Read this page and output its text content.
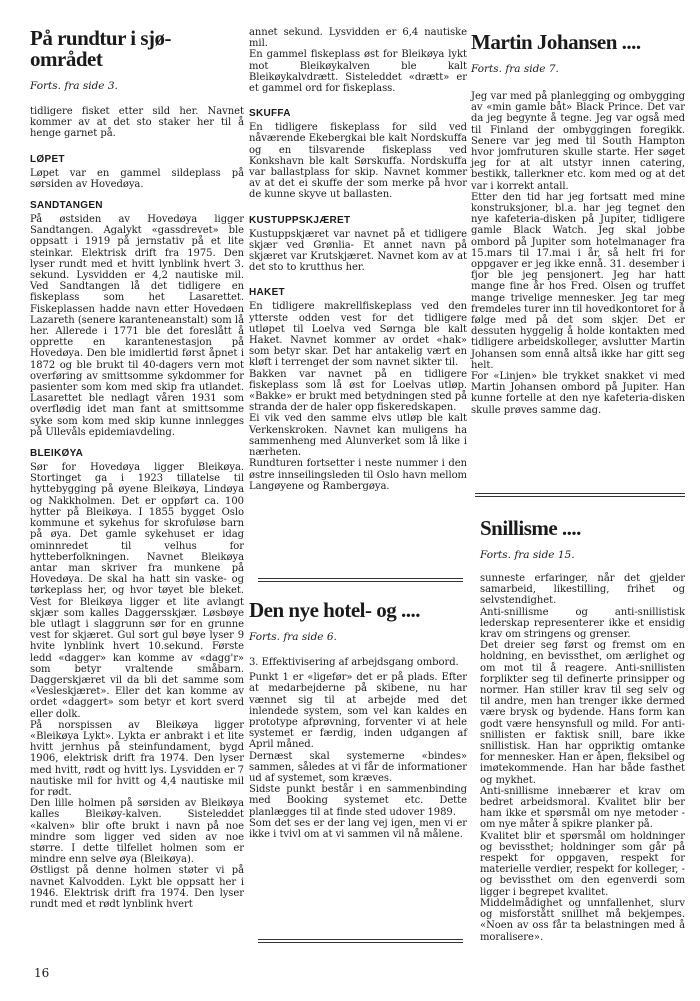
På rundtur i sjø-området
Forts. fra side 3.

tidligere fisket etter sild her. Navnet kommer av at det sto staker her til å henge garnet på.

LØPET

Løpet var en gammel sildeplass på sørsiden av Hovedøya.

SANDTANGEN

På østsiden av Hovedøya ligger Sandtangen. Agalykt «gassdrevet» ble oppsatt i 1919 på jernstativ på et lite steinkar. Elektrisk drift fra 1975. Den lyser rundt med et hvitt lynblink hvert 3. sekund. Lysvidden er 4,2 nautiske mil. Ved Sandtangen lå det tidligere en fiskeplass som het Lasarettet. Fiskeplassen hadde navn etter Hovedøen Lazareth (senere karanteneanstalt) som lå her. Allerede i 1771 ble det foreslått å opprette en karantenestasjon på Hovedøya. Den ble imidlertid først åpnet i 1872 og ble brukt til 40-dagers vern mot overføring av smittsomme sykdommer for pasienter som kom med skip fra utlandet. Lasarettet ble nedlagt våren 1931 som overflødig idet man fant at smittsomme syke som kom med skip kunne innlegges på Ullevåls epidemiavdeling.

BLEIKØYA

Sør for Hovedøya ligger Bleikøya. Stortinget ga i 1923 tillatelse til hyttebygging på øyene Bleikøya, Lindøya og Nakkholmen. Det er oppført ca. 100 hytter på Bleikøya. I 1855 bygget Oslo kommune et sykehus for skrofuløse barn på øya. Det gamle sykehuset er idag ominnredet til velhus for hytteberfolkningen. Navnet Bleikøya antar man skriver fra munkene på Hovedøya. De skal ha hatt sin vaske- og tørkeplass her, og hvor tøyet ble bleket. Vest for Bleikøya ligger et lite avlangt skjær som kalles Daggersskjær. Løsbøye ble utlagt i slaggrunn sør for en grunne vest for skjæret. Gul sort gul bøye lyser 9 hvite lynblink hvert 10.sekund. Første ledd «dagger» kan komme av «dagg'r» som betyr vraltende småbarn. Daggerskjæret vil da bli det samme som «Vesleskjæret». Eller det kan komme av ordet «daggert» som betyr et kort sverd eller dolk.

På norspissen av Bleikøya ligger «Bleikøya Lykt». Lykta er anbrakt i et lite hvitt jernhus på steinfundament, bygd 1906, elektrisk drift fra 1974. Den lyser med hvitt, rødt og hvitt lys. Lysvidden er 7 nautiske mil for hvitt og 4,4 nautiske mil for rødt.

Den lille holmen på sørsiden av Bleikøya kalles Bleikøy-kalven. Sisteleddet «kalven» blir ofte brukt i navn på noe mindre som ligger ved siden av noe større. I dette tilfellet holmen som er mindre enn selve øya (Bleikøya).

Østligst på denne holmen støter vi på navnet Kalvodden. Lykt ble oppsatt her i 1946. Elektrisk drift fra 1974. Den lyser rundt med et rødt lynblink hvert

annet sekund. Lysvidden er 6,4 nautiske mil.
En gammel fiskeplass øst for Bleikøya lykt mot Bleikøykalven ble kalt Bleikøykalvdrætt. Sisteleddet «drætt» er et gammel ord for fiskeplass.

SKUFFA

En tidligere fiskeplass for sild ved nåværende Ekebergkai ble kalt Nordskuffa og en tilsvarende fiskeplass ved Konkshavn ble kalt Sørskuffa. Nordskuffa var ballastplass for skip. Navnet kommer av at det ei skuffe der som merke på hvor de kunne skyve ut ballasten.

KUSTUPPSKJÆRET

Kustuppskjæret var navnet på et tidligere skjær ved Grønlia- Et annet navn på skjæret var Krutskjæret. Navnet kom av at det sto to krutthus her.

HAKET

En tidligere makrellfiskeplass ved den ytterste odden vest for det tidligere utløpet til Loelva ved Sørnga ble kalt Haket. Navnet kommer av ordet «hak» som betyr skar. Det har antakelig vært en kløft i terrenget der som navnet sikter til.

Bakken var navnet på en tidligere fiskeplass som lå øst for Loelvas utløp. «Bakke» er brukt med betydningen sted på stranda der de haler opp fiskeredskapen.

Ei vik ved den samme elvs utløp ble kalt Verkenskroken. Navnet kan muligens ha sammenheng med Alunverket som lå like i nærheten.

Rundturen fortsetter i neste nummer i den østre innseilingsleden til Oslo havn mellom Langøyene og Rambergøya.

Den nye hotel- og ....
Forts. fra side 6.

3. Effektivisering af arbejdsgang ombord.

Punkt 1 er «ligefør» det er på plads. Efter at medarbejderne på skibene, nu har vænnet sig til at arbejde med det inlendede system, som vel kan kaldes en prototype afprøvning, forventer vi at hele systemet er færdig, inden udgangen af April måned.

Dernæst skal systemerne «bindes» sammen, således at vi får de informationer ud af systemet, som kræves.

Sidste punkt består i en sammenbinding med Booking systemet etc. Dette planlægges til at finde sted udover 1989.

Som det ses er der lang vej igen, men vi er ikke i tvivl om at vi sammen vil nå målene.

Martin Johansen ....
Forts. fra side 7.

Jeg var med på planlegging og ombygging av «min gamle båt» Black Prince. Det var da jeg begynte å tegne. Jeg var også med til Finland der ombyggingen foregikk. Senere var jeg med til South Hampton hvor jomfruturen skulle starte. Her søget jeg for at alt utstyr innen catering, bestikk, tallerkner etc. kom med og at det var i korrekt antall.

Etter den tid har jeg fortsatt med mine konstruksjoner, bl.a. har jeg tegnet den nye kafeteria-disken på Jupiter, tidligere gamle Black Watch. Jeg skal jobbe ombord på Jupiter som hotelmanager fra 15.mars til 17.mai i år, så helt fri for oppgaver er jeg ikke ennå. 31. desember i fjor ble jeg pensjonert. Jeg har hatt mange fine år hos Fred. Olsen og truffet mange trivelige mennesker. Jeg tar meg fremdeles turer inn til hovedkontoret for å følge med på det som skjer. Det er dessuten hyggelig å holde kontakten med tidligere arbeidskolleger, avslutter Martin Johansen som ennå altså ikke har gitt seg helt.

For «Linjen» ble trykket snakket vi med Martin Johansen ombord på Jupiter. Han kunne fortelle at den nye kafeteria-disken skulle prøves samme dag.

Snillisme ....
Forts. fra side 15.

sunneste erfaringer, når det gjelder samarbeid, likestilling, frihet og selvstendighet.

Anti-snillisme og anti-snillistisk lederskap representerer ikke et ensidig krav om stringens og grenser.

Det dreier seg først og fremst om en holdning, en bevissthet, om ærlighet og om mot til å reagere. Anti-snillisten forplikter seg til definerte prinsipper og normer. Han stiller krav til seg selv og til andre, men han trenger ikke dermed være brysk og bydende. Hans form kan godt være hensynsfull og mild. For anti-snillisten er faktisk snill, bare ikke snillistisk. Han har oppriktig omtanke for mennesker. Han er åpen, fleksibel og imøtekommende. Han har både fasthet og mykhet.

Anti-snillisme innebærer et krav om bedret arbeidsmoral. Kvalitet blir ber ham ikke et spørsmål om nye metoder - om nye måter å spikre planker på.

Kvalitet blir et spørsmål om holdninger og bevissthet; holdninger som går på respekt for oppgaven, respekt for materielle verdier, respekt for kolleger, -og bevissthet om den egenverdi som ligger i begrepet kvalitet.

Middelmådighet og unnfallenhet, slurv og misforstått snillhet må bekjempes. «Noen av oss får ta belastningen med å moralisere».

16
